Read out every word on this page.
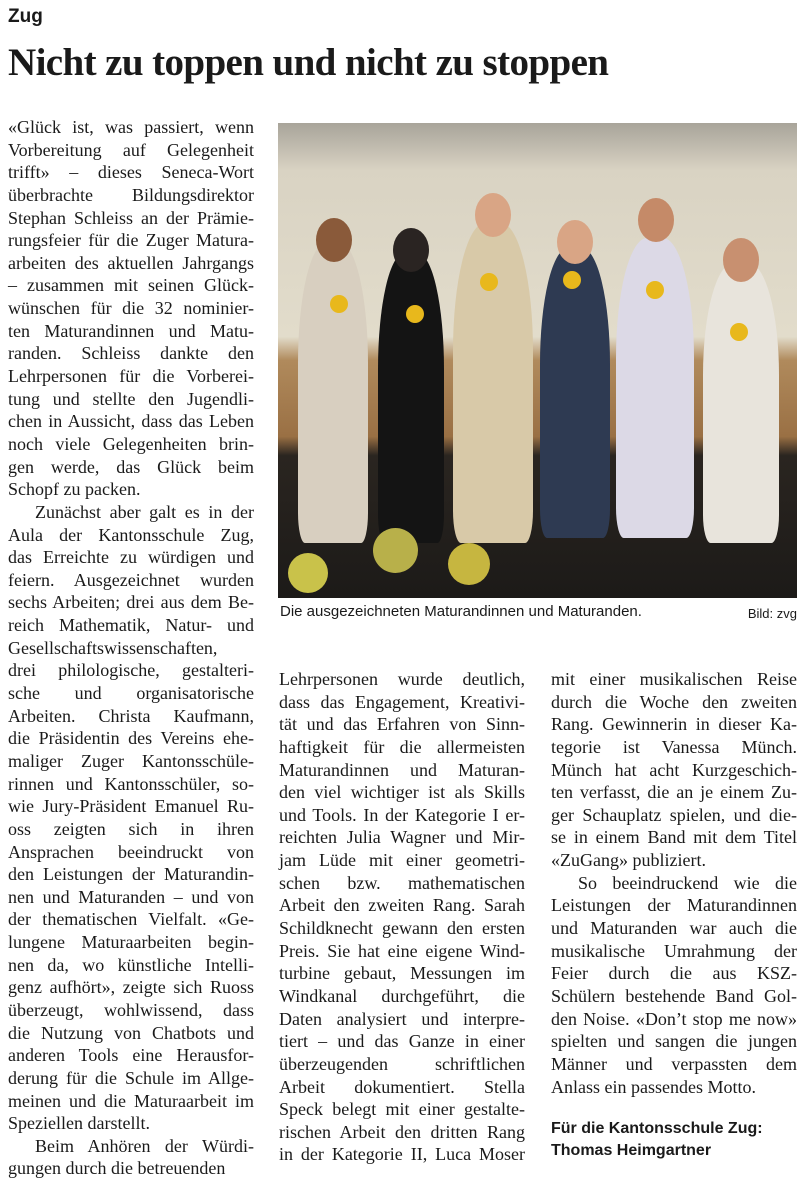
Zug
Nicht zu toppen und nicht zu stoppen
«Glück ist, was passiert, wenn
Vorbereitung auf Gelegenheit
trifft» – dieses Seneca-Wort
überbrachte Bildungsdirektor
Stephan Schleiss an der Prämie-
rungsfeier für die Zuger Matura-
arbeiten des aktuellen Jahrgangs
– zusammen mit seinen Glück-
wünschen für die 32 nominier-
ten Maturandinnen und Matu-
randen. Schleiss dankte den
Lehrpersonen für die Vorberei-
tung und stellte den Jugendli-
chen in Aussicht, dass das Leben
noch viele Gelegenheiten brin-
gen werde, das Glück beim
Schopf zu packen.
Zunächst aber galt es in der
Aula der Kantonsschule Zug,
das Erreichte zu würdigen und
feiern. Ausgezeichnet wurden
sechs Arbeiten; drei aus dem Be-
reich Mathematik, Natur- und
Gesellschaftswissenschaften,
drei philologische, gestalteri-
sche und organisatorische
Arbeiten. Christa Kaufmann,
die Präsidentin des Vereins ehe-
maliger Zuger Kantonsschüle-
rinnen und Kantonsschüler, so-
wie Jury-Präsident Emanuel Ru-
oss zeigten sich in ihren
Ansprachen beeindruckt von
den Leistungen der Maturandin-
nen und Maturanden – und von
der thematischen Vielfalt. «Ge-
lungene Maturaarbeiten begin-
nen da, wo künstliche Intelli-
genz aufhört», zeigte sich Ruoss
überzeugt, wohlwissend, dass
die Nutzung von Chatbots und
anderen Tools eine Herausfor-
derung für die Schule im Allge-
meinen und die Maturaarbeit im
Speziellen darstellt.
Beim Anhören der Würdi-
gungen durch die betreuenden
Die ausgezeichneten Maturandinnen und Maturanden.	Bild: zvg
Lehrpersonen wurde deutlich,
dass das Engagement, Kreativi-
tät und das Erfahren von Sinn-
haftigkeit für die allermeisten
Maturandinnen und Maturan-
den viel wichtiger ist als Skills
und Tools. In der Kategorie I er-
reichten Julia Wagner und Mir-
jam Lüde mit einer geometri-
schen bzw. mathematischen
Arbeit den zweiten Rang. Sarah
Schildknecht gewann den ersten
Preis. Sie hat eine eigene Wind-
turbine gebaut, Messungen im
Windkanal durchgeführt, die
Daten analysiert und interpre-
tiert – und das Ganze in einer
überzeugenden schriftlichen
Arbeit dokumentiert. Stella
Speck belegt mit einer gestalte-
rischen Arbeit den dritten Rang
in der Kategorie II, Luca Moser
mit einer musikalischen Reise
durch die Woche den zweiten
Rang. Gewinnerin in dieser Ka-
tegorie ist Vanessa Münch.
Münch hat acht Kurzgeschich-
ten verfasst, die an je einem Zu-
ger Schauplatz spielen, und die-
se in einem Band mit dem Titel
«ZuGang» publiziert.
So beeindruckend wie die
Leistungen der Maturandinnen
und Maturanden war auch die
musikalische Umrahmung der
Feier durch die aus KSZ-
Schülern bestehende Band Gol-
den Noise. «Don’t stop me now»
spielten und sangen die jungen
Männer und verpassten dem
Anlass ein passendes Motto.
Für die Kantonsschule Zug:
Thomas Heimgartner
